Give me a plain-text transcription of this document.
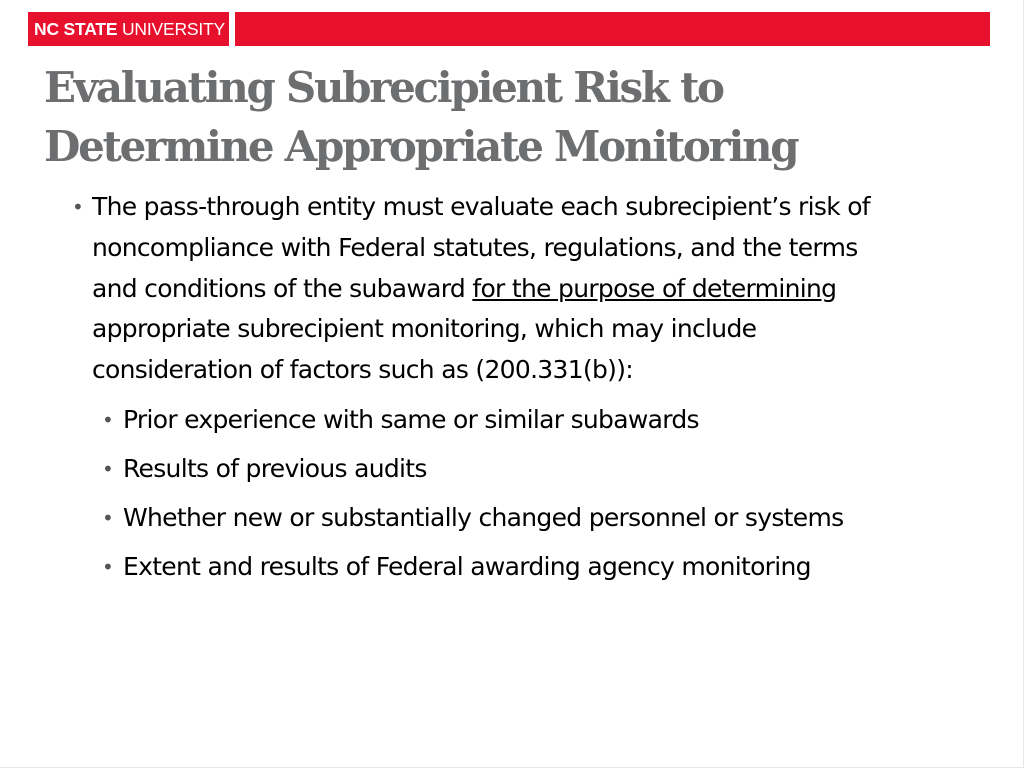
NC STATE UNIVERSITY
Evaluating Subrecipient Risk to
Determine Appropriate Monitoring
• The pass-through entity must evaluate each subrecipient’s risk of noncompliance with Federal statutes, regulations, and the terms and conditions of the subaward for the purpose of determining appropriate subrecipient monitoring, which may include consideration of factors such as (200.331(b)):
• Prior experience with same or similar subawards
• Results of previous audits
• Whether new or substantially changed personnel or systems
• Extent and results of Federal awarding agency monitoring
